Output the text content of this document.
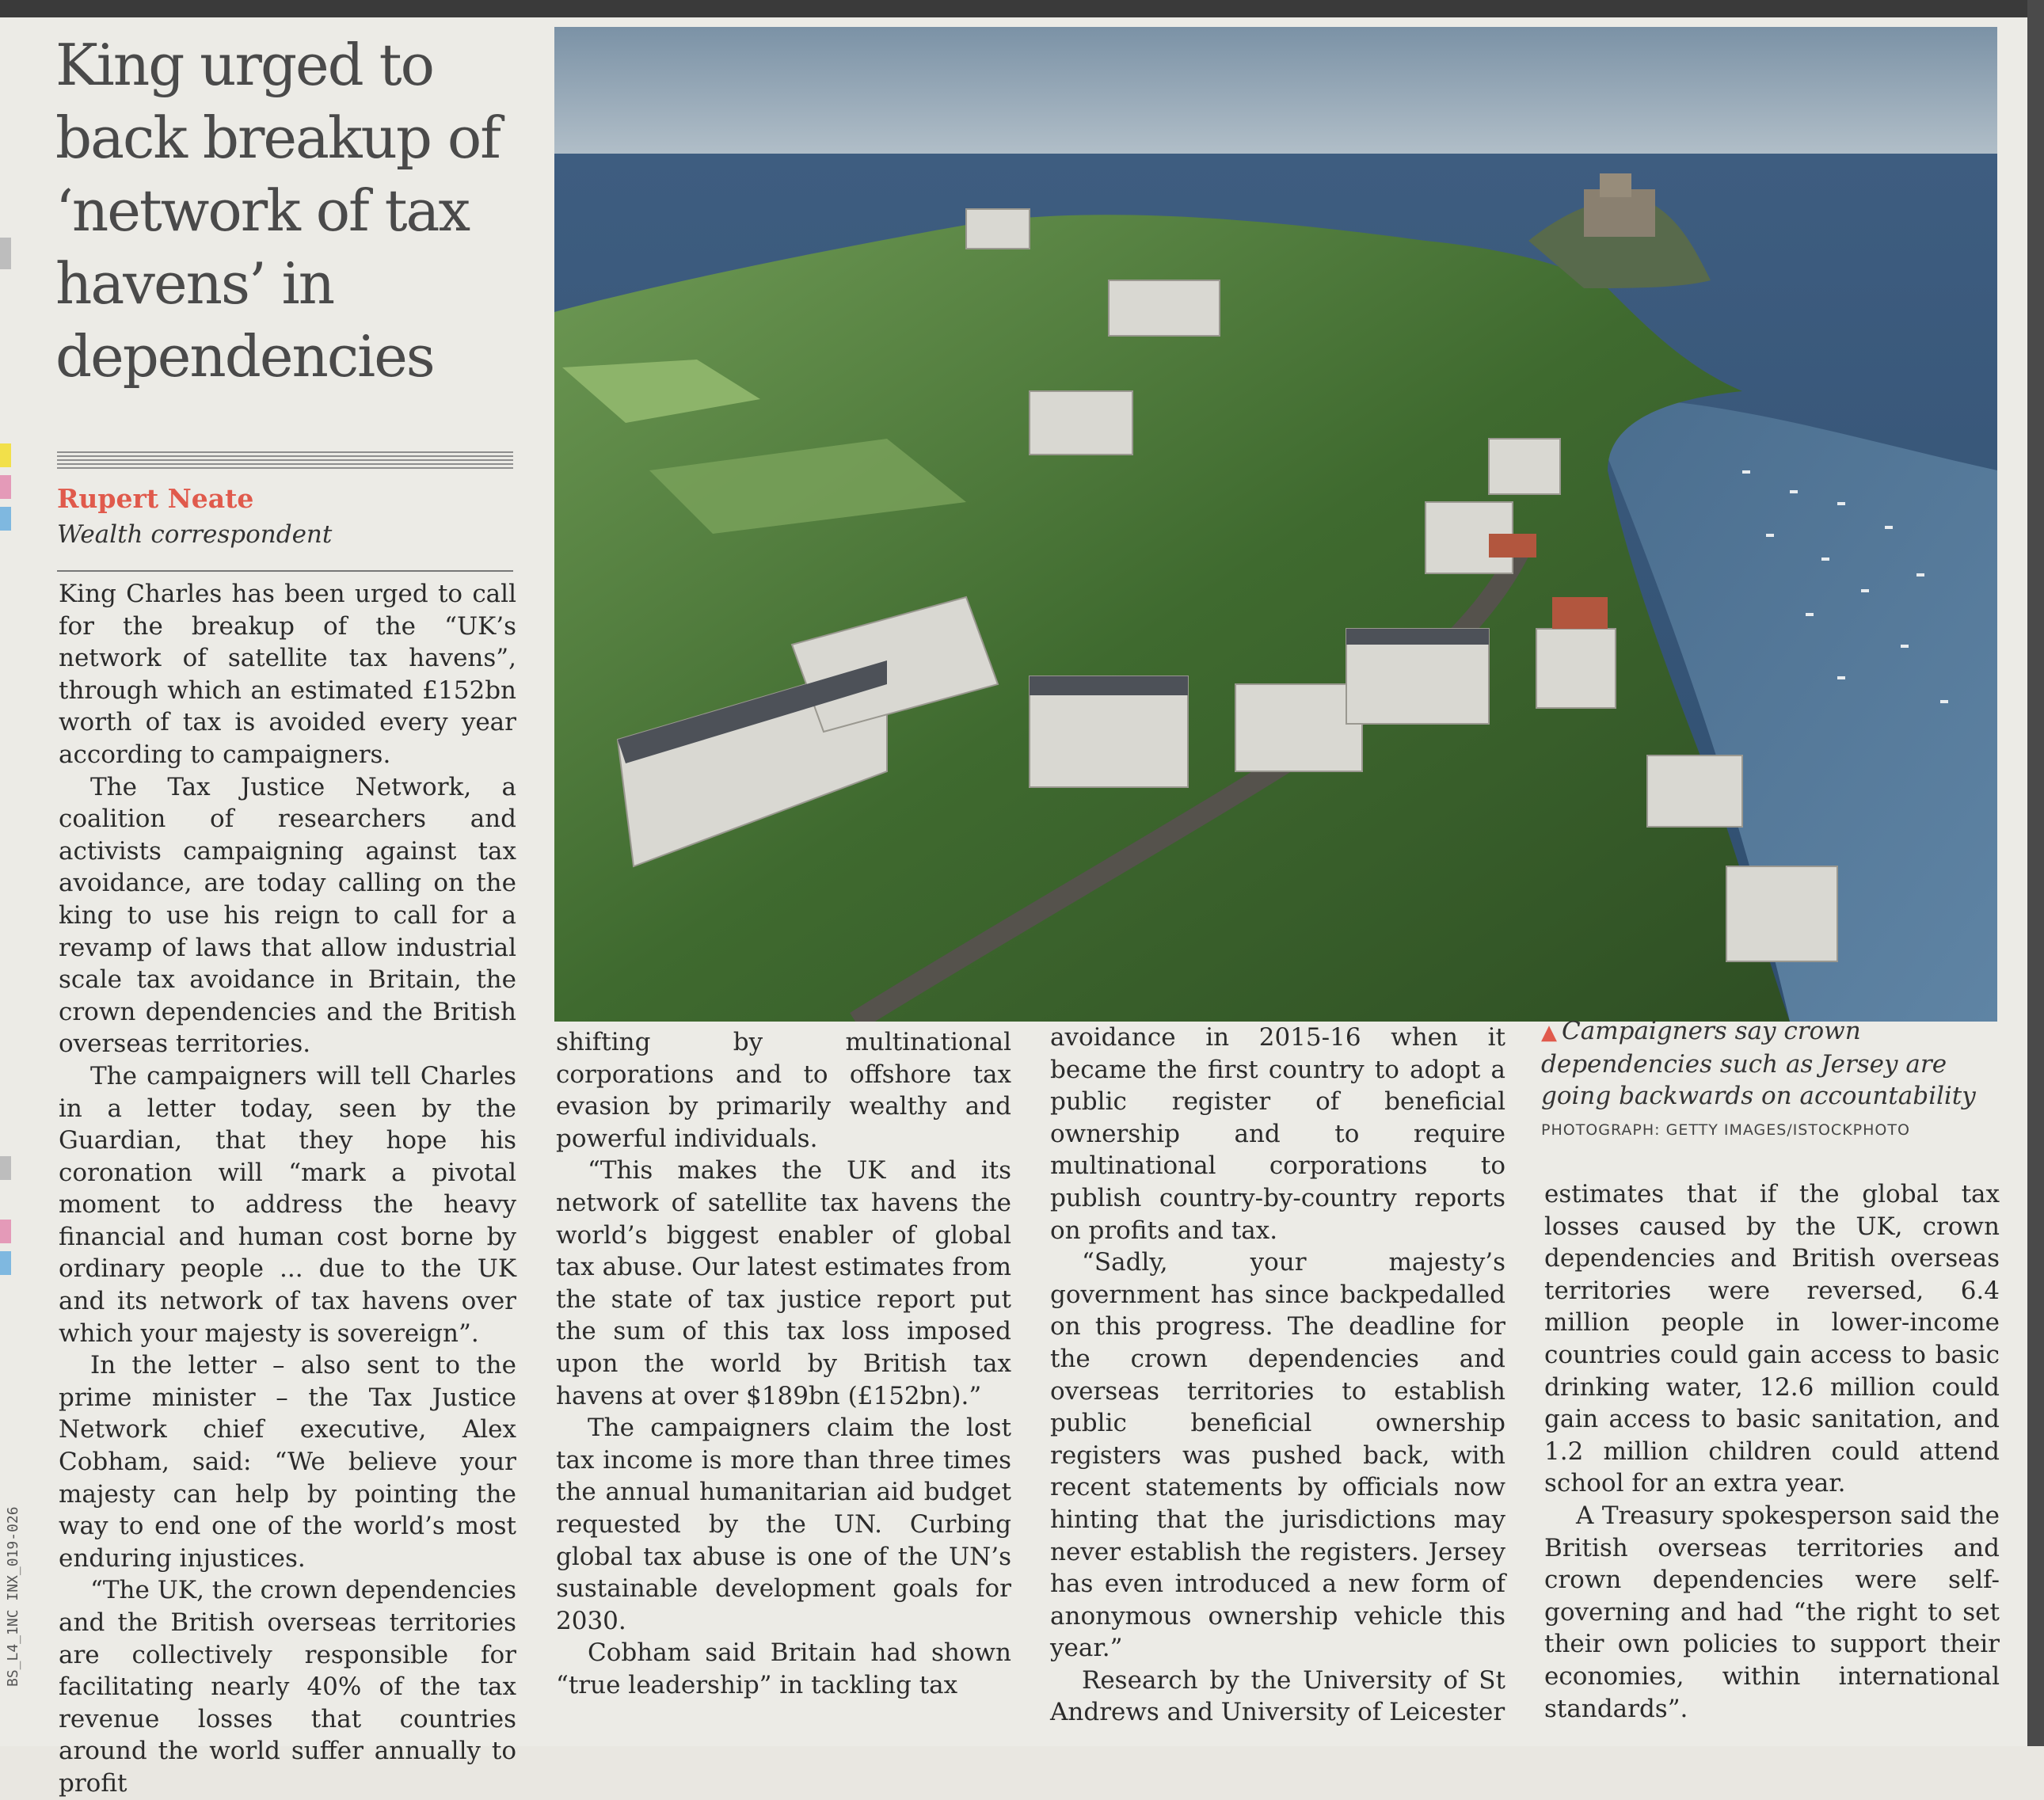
King urged to back breakup of ‘network of tax havens’ in dependencies
Rupert Neate
Wealth correspondent

King Charles has been urged to call for the breakup of the “UK’s network of satellite tax havens”, through which an estimated £152bn worth of tax is avoided every year according to campaigners.

The Tax Justice Network, a coalition of researchers and activists campaigning against tax avoidance, are today calling on the king to use his reign to call for a revamp of laws that allow industrial scale tax avoidance in Britain, the crown dependencies and the British overseas territories.

The campaigners will tell Charles in a letter today, seen by the Guardian, that they hope his coronation will “mark a pivotal moment to address the heavy financial and human cost borne by ordinary people ... due to the UK and its network of tax havens over which your majesty is sovereign”.

In the letter – also sent to the prime minister – the Tax Justice Network chief executive, Alex Cobham, said: “We believe your majesty can help by pointing the way to end one of the world’s most enduring injustices.

“The UK, the crown dependencies and the British overseas territories are collectively responsible for facilitating nearly 40% of the tax revenue losses that countries around the world suffer annually to profit

▲ Campaigners say crown dependencies such as Jersey are going backwards on accountability
PHOTOGRAPH: GETTY IMAGES/ISTOCKPHOTO

shifting by multinational corporations and to offshore tax evasion by primarily wealthy and powerful individuals.

“This makes the UK and its network of satellite tax havens the world’s biggest enabler of global tax abuse. Our latest estimates from the state of tax justice report put the sum of this tax loss imposed upon the world by British tax havens at over $189bn (£152bn).”

The campaigners claim the lost tax income is more than three times the annual humanitarian aid budget requested by the UN. Curbing global tax abuse is one of the UN’s sustainable development goals for 2030.

Cobham said Britain had shown “true leadership” in tackling tax

avoidance in 2015-16 when it became the first country to adopt a public register of beneficial ownership and to require multinational corporations to publish country-by-country reports on profits and tax.

“Sadly, your majesty’s government has since backpedalled on this progress. The deadline for the crown dependencies and overseas territories to establish public beneficial ownership registers was pushed back, with recent statements by officials now hinting that the jurisdictions may never establish the registers. Jersey has even introduced a new form of anonymous ownership vehicle this year.”

Research by the University of St Andrews and University of Leicester

estimates that if the global tax losses caused by the UK, crown dependencies and British overseas territories were reversed, 6.4 million people in lower-income countries could gain access to basic drinking water, 12.6 million could gain access to basic sanitation, and 1.2 million children could attend school for an extra year.

A Treasury spokesperson said the British overseas territories and crown dependencies were self-governing and had “the right to set their own policies to support their economies, within international standards”.

BS_L4_1NC INX_019-026
